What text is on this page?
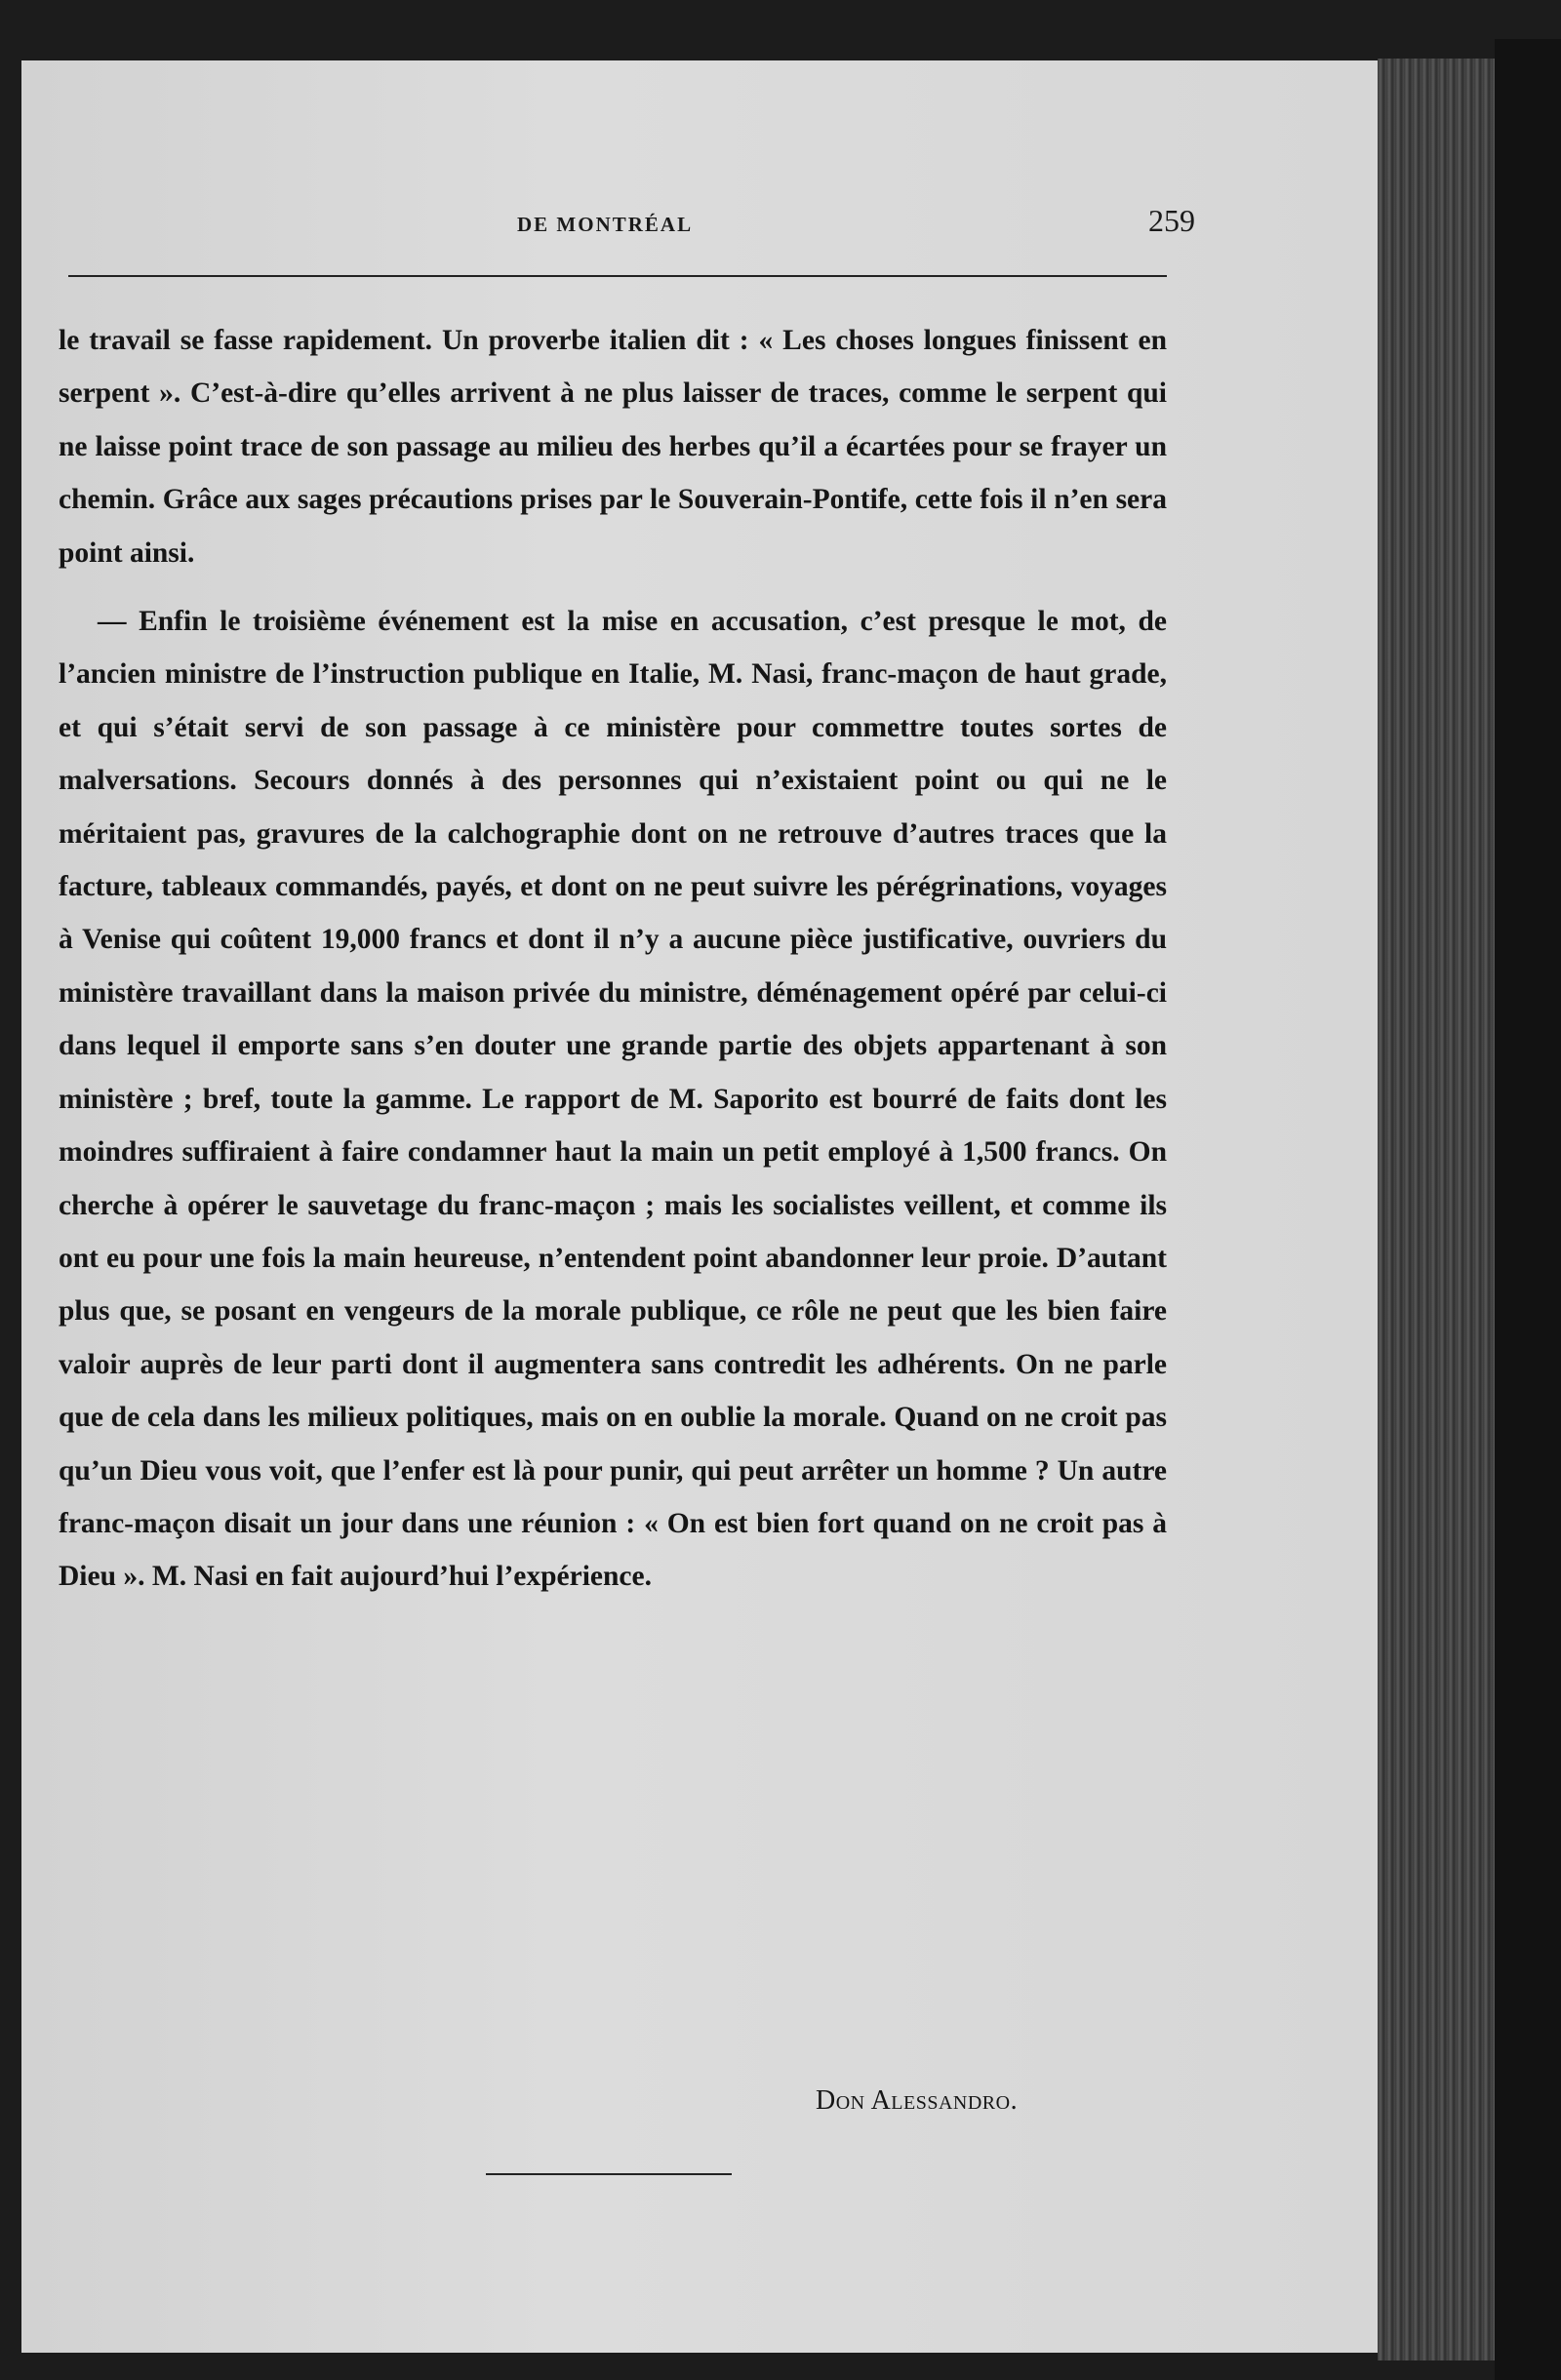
DE MONTRÉAL	259

le travail se fasse rapidement. Un proverbe italien dit : « Les choses longues finissent en serpent ». C’est-à-dire qu’elles arrivent à ne plus laisser de traces, comme le serpent qui ne laisse point trace de son passage au milieu des herbes qu’il a écartées pour se frayer un chemin. Grâce aux sages précautions prises par le Souverain-Pontife, cette fois il n’en sera point ainsi.

— Enfin le troisième événement est la mise en accusation, c’est presque le mot, de l’ancien ministre de l’instruction publique en Italie, M. Nasi, franc-maçon de haut grade, et qui s’était servi de son passage à ce ministère pour commettre toutes sortes de malversations. Secours donnés à des personnes qui n’existaient point ou qui ne le méritaient pas, gravures de la calchographie dont on ne retrouve d’autres traces que la facture, tableaux commandés, payés, et dont on ne peut suivre les pérégrinations, voyages à Venise qui coûtent 19,000 francs et dont il n’y a aucune pièce justificative, ouvriers du ministère travaillant dans la maison privée du ministre, déménagement opéré par celui-ci dans lequel il emporte sans s’en douter une grande partie des objets appartenant à son ministère ; bref, toute la gamme. Le rapport de M. Saporito est bourré de faits dont les moindres suffiraient à faire condamner haut la main un petit employé à 1,500 francs. On cherche à opérer le sauvetage du franc-maçon ; mais les socialistes veillent, et comme ils ont eu pour une fois la main heureuse, n’entendent point abandonner leur proie. D’autant plus que, se posant en vengeurs de la morale publique, ce rôle ne peut que les bien faire valoir auprès de leur parti dont il augmentera sans contredit les adhérents. On ne parle que de cela dans les milieux politiques, mais on en oublie la morale. Quand on ne croit pas qu’un Dieu vous voit, que l’enfer est là pour punir, qui peut arrêter un homme ? Un autre franc-maçon disait un jour dans une réunion : « On est bien fort quand on ne croit pas à Dieu ». M. Nasi en fait aujourd’hui l’expérience.

Don Alessandro.
